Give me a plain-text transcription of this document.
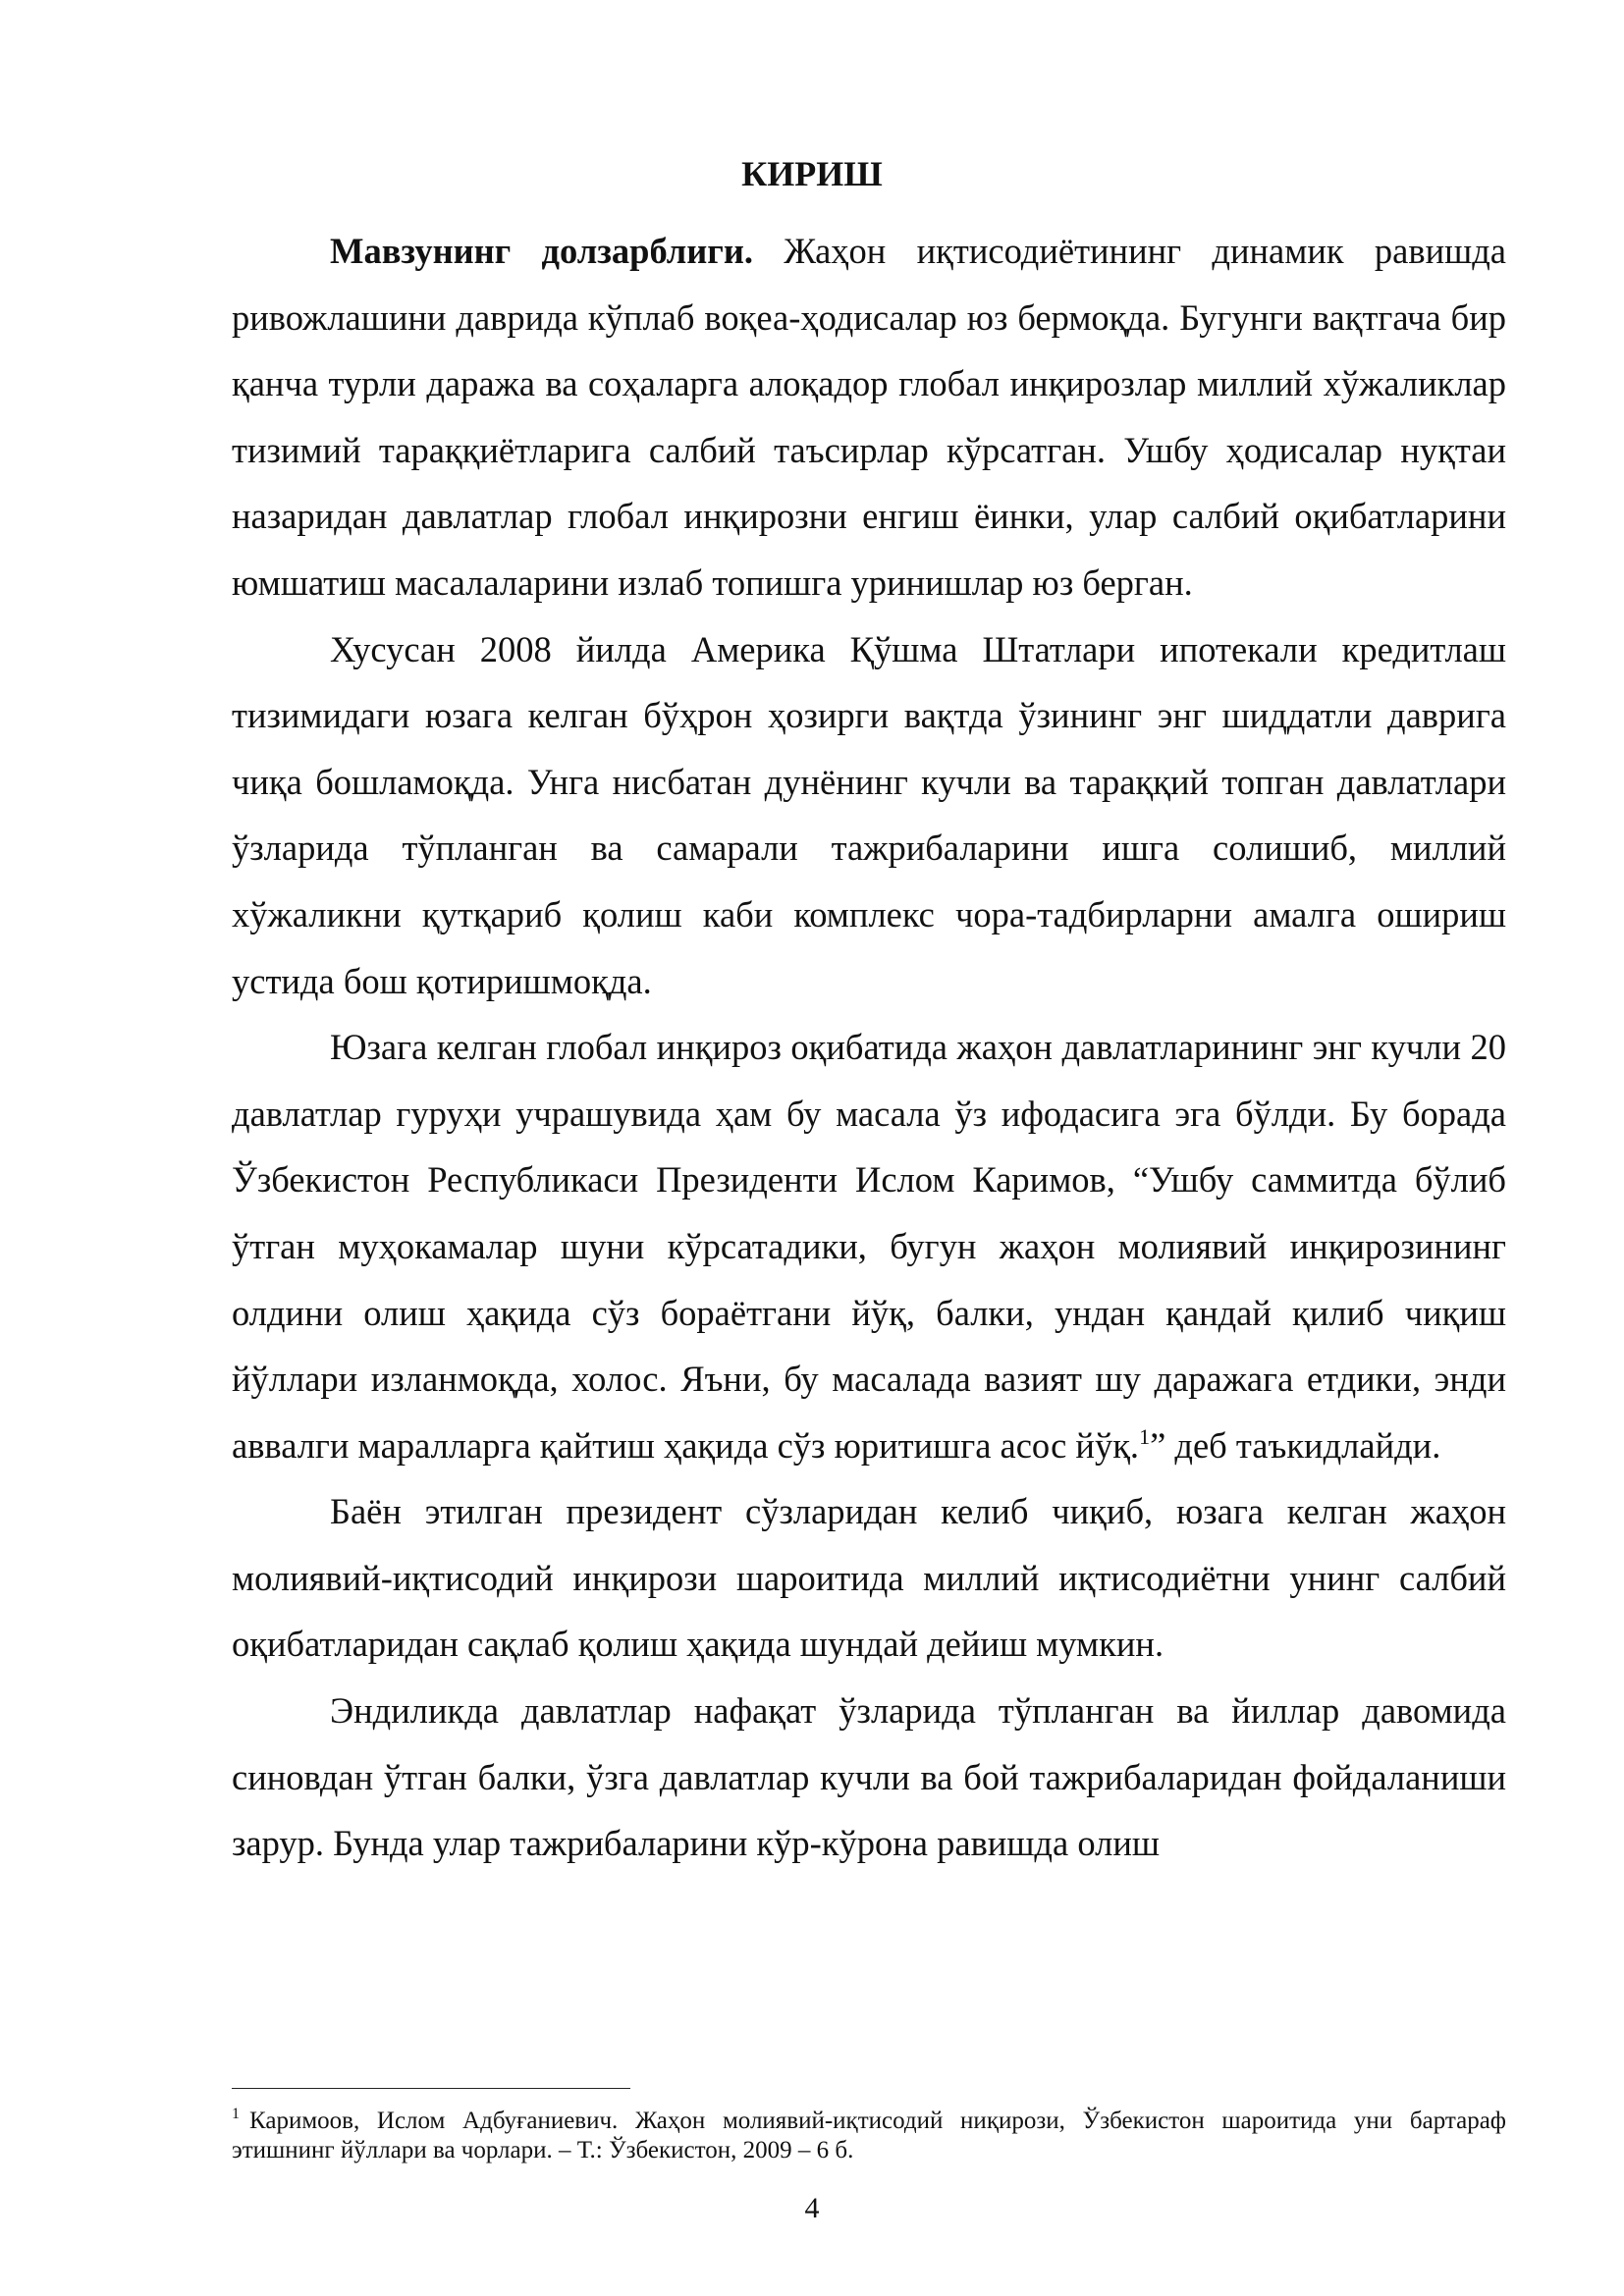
КИРИШ

Мавзунинг долзарблиги. Жаҳон иқтисодиётининг динамик равишда ривожлашини даврида кўплаб воқеа-ҳодисалар юз бермоқда. Бугунги вақтгача бир қанча турли даража ва соҳаларга алоқадор глобал инқирозлар миллий хўжаликлар тизимий тараққиётларига салбий таъсирлар кўрсатган. Ушбу ҳодисалар нуқтаи назаридан давлатлар глобал инқирозни енгиш ёинки, улар салбий оқибатларини юмшатиш масалаларини излаб топишга уринишлар юз берган.

Хусусан 2008 йилда Америка Қўшма Штатлари ипотекали кредитлаш тизимидаги юзага келган бўҳрон ҳозирги вақтда ўзининг энг шиддатли даврига чиқа бошламоқда. Унга нисбатан дунёнинг кучли ва тараққий топган давлатлари ўзларида тўпланган ва самарали тажрибаларини ишга солишиб, миллий хўжаликни қутқариб қолиш каби комплекс чора-тадбирларни амалга ошириш устида бош қотиришмоқда.

Юзага келган глобал инқироз оқибатида жаҳон давлатларининг энг кучли 20 давлатлар гуруҳи учрашувида ҳам бу масала ўз ифодасига эга бўлди. Бу борада Ўзбекистон Республикаси Президенти Ислом Каримов, “Ушбу саммитда бўлиб ўтган муҳокамалар шуни кўрсатадики, бугун жаҳон молиявий инқирозининг олдини олиш ҳақида сўз бораётгани йўқ, балки, ундан қандай қилиб чиқиш йўллари изланмоқда, холос. Яъни, бу масалада вазият шу даражага етдики, энди аввалги мaралларга қайтиш ҳақида сўз юритишга асос йўқ.$^1$” деб таъкидлайди.

Баён этилган президент сўзларидан келиб чиқиб, юзага келган жаҳон молиявий-иқтисодий инқирози шароитида миллий иқтисодиётни унинг салбий оқибатларидан сақлаб қолиш ҳақида шундай дейиш мумкин.

Эндиликда давлатлар нафақат ўзларида тўпланган ва йиллар давомида синовдан ўтган балки, ўзга давлатлар кучли ва бой тажрибаларидан фойдаланиши зарур. Бунда улар тажрибаларини кўр-кўрона равишда олиш

$^1$ Каримоов, Ислом Адбуғаниевич. Жаҳон молиявий-иқтисодий ниқирози, Ўзбекистон шароитида уни бартараф этишнинг йўллари ва чорлари. – Т.: Ўзбекистон, 2009 – 6 б.

4
